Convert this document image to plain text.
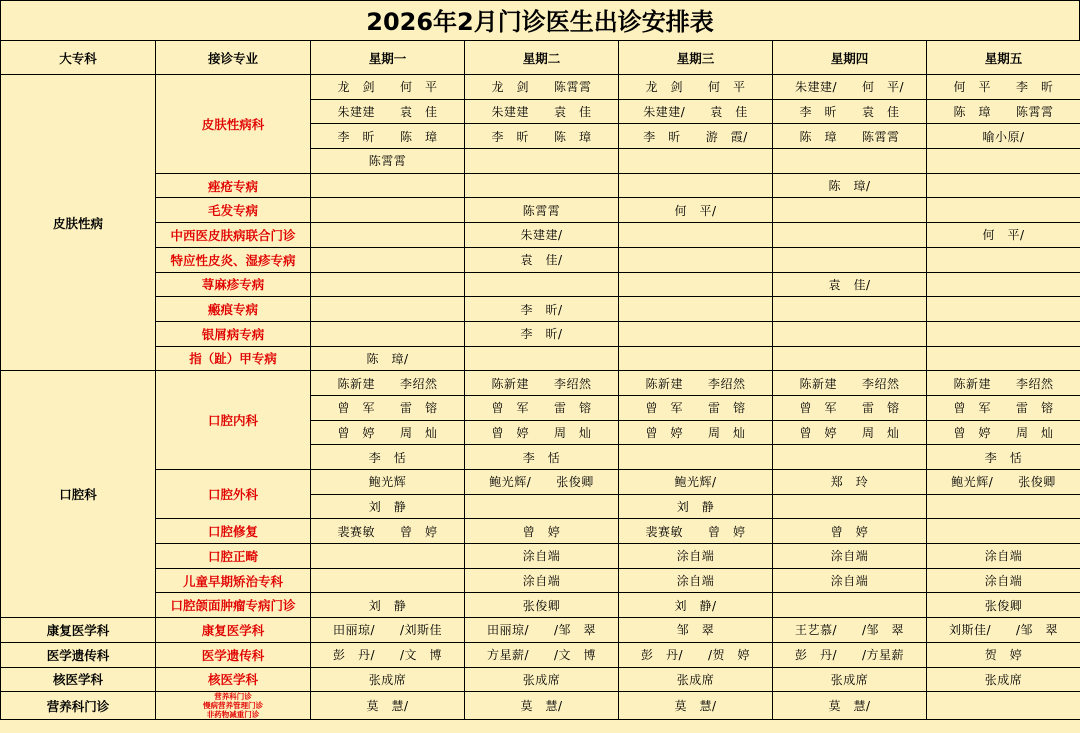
2026年2月门诊医生出诊安排表
大专科	接诊专业	星期一	星期二	星期三	星期四	星期五
皮肤性病	皮肤性病科	龙　剑　　何　平	龙　剑　　陈霄霄	龙　剑　　何　平	朱建建/　　何　平/	何　平　　李　昕
		朱建建　　袁　佳	朱建建　　袁　佳	朱建建/　　袁　佳	李　昕　　袁　佳	陈　璋　　陈霄霄
		李　昕　　陈　璋	李　昕　　陈　璋	李　昕　　游　霞/	陈　璋　　陈霄霄	喻小原/
		陈霄霄				
	痤疮专病				陈　璋/	
	毛发专病		陈霄霄	何　平/		
	中西医皮肤病联合门诊		朱建建/			何　平/
	特应性皮炎、湿疹专病		袁　佳/			
	荨麻疹专病				袁　佳/	
	瘢痕专病		李　昕/			
	银屑病专病		李　昕/			
	指（趾）甲专病	陈　璋/				
口腔科	口腔内科	陈新建　　李绍然	陈新建　　李绍然	陈新建　　李绍然	陈新建　　李绍然	陈新建　　李绍然
		曾　军　　雷　镕	曾　军　　雷　镕	曾　军　　雷　镕	曾　军　　雷　镕	曾　军　　雷　镕
		曾　婷　　周　灿	曾　婷　　周　灿	曾　婷　　周　灿	曾　婷　　周　灿	曾　婷　　周　灿
		李　恬	李　恬			李　恬
	口腔外科	鲍光辉	鲍光辉/　　张俊卿	鲍光辉/	郑　玲	鲍光辉/　　张俊卿
		刘　静		刘　静		
	口腔修复	裴赛敏　　曾　婷	曾　婷	裴赛敏　　曾　婷	曾　婷	
	口腔正畸		涂自端	涂自端	涂自端	涂自端
	儿童早期矫治专科		涂自端	涂自端	涂自端	涂自端
	口腔颌面肿瘤专病门诊	刘　静	张俊卿	刘　静/		张俊卿
康复医学科	康复医学科	田丽琼/　　/刘斯佳	田丽琼/　　/邹　翠	邹　翠	王艺慕/　　/邹　翠	刘斯佳/　　/邹　翠
医学遗传科	医学遗传科	彭　丹/　　/文　博	方星薪/　　/文　博	彭　丹/　　/贺　婷	彭　丹/　　/方星薪	贺　婷
核医学科	核医学科	张成席	张成席	张成席	张成席	张成席
营养科门诊	营养科门诊
慢病营养管理门诊
非药物减重门诊	莫　慧/	莫　慧/	莫　慧/	莫　慧/	
